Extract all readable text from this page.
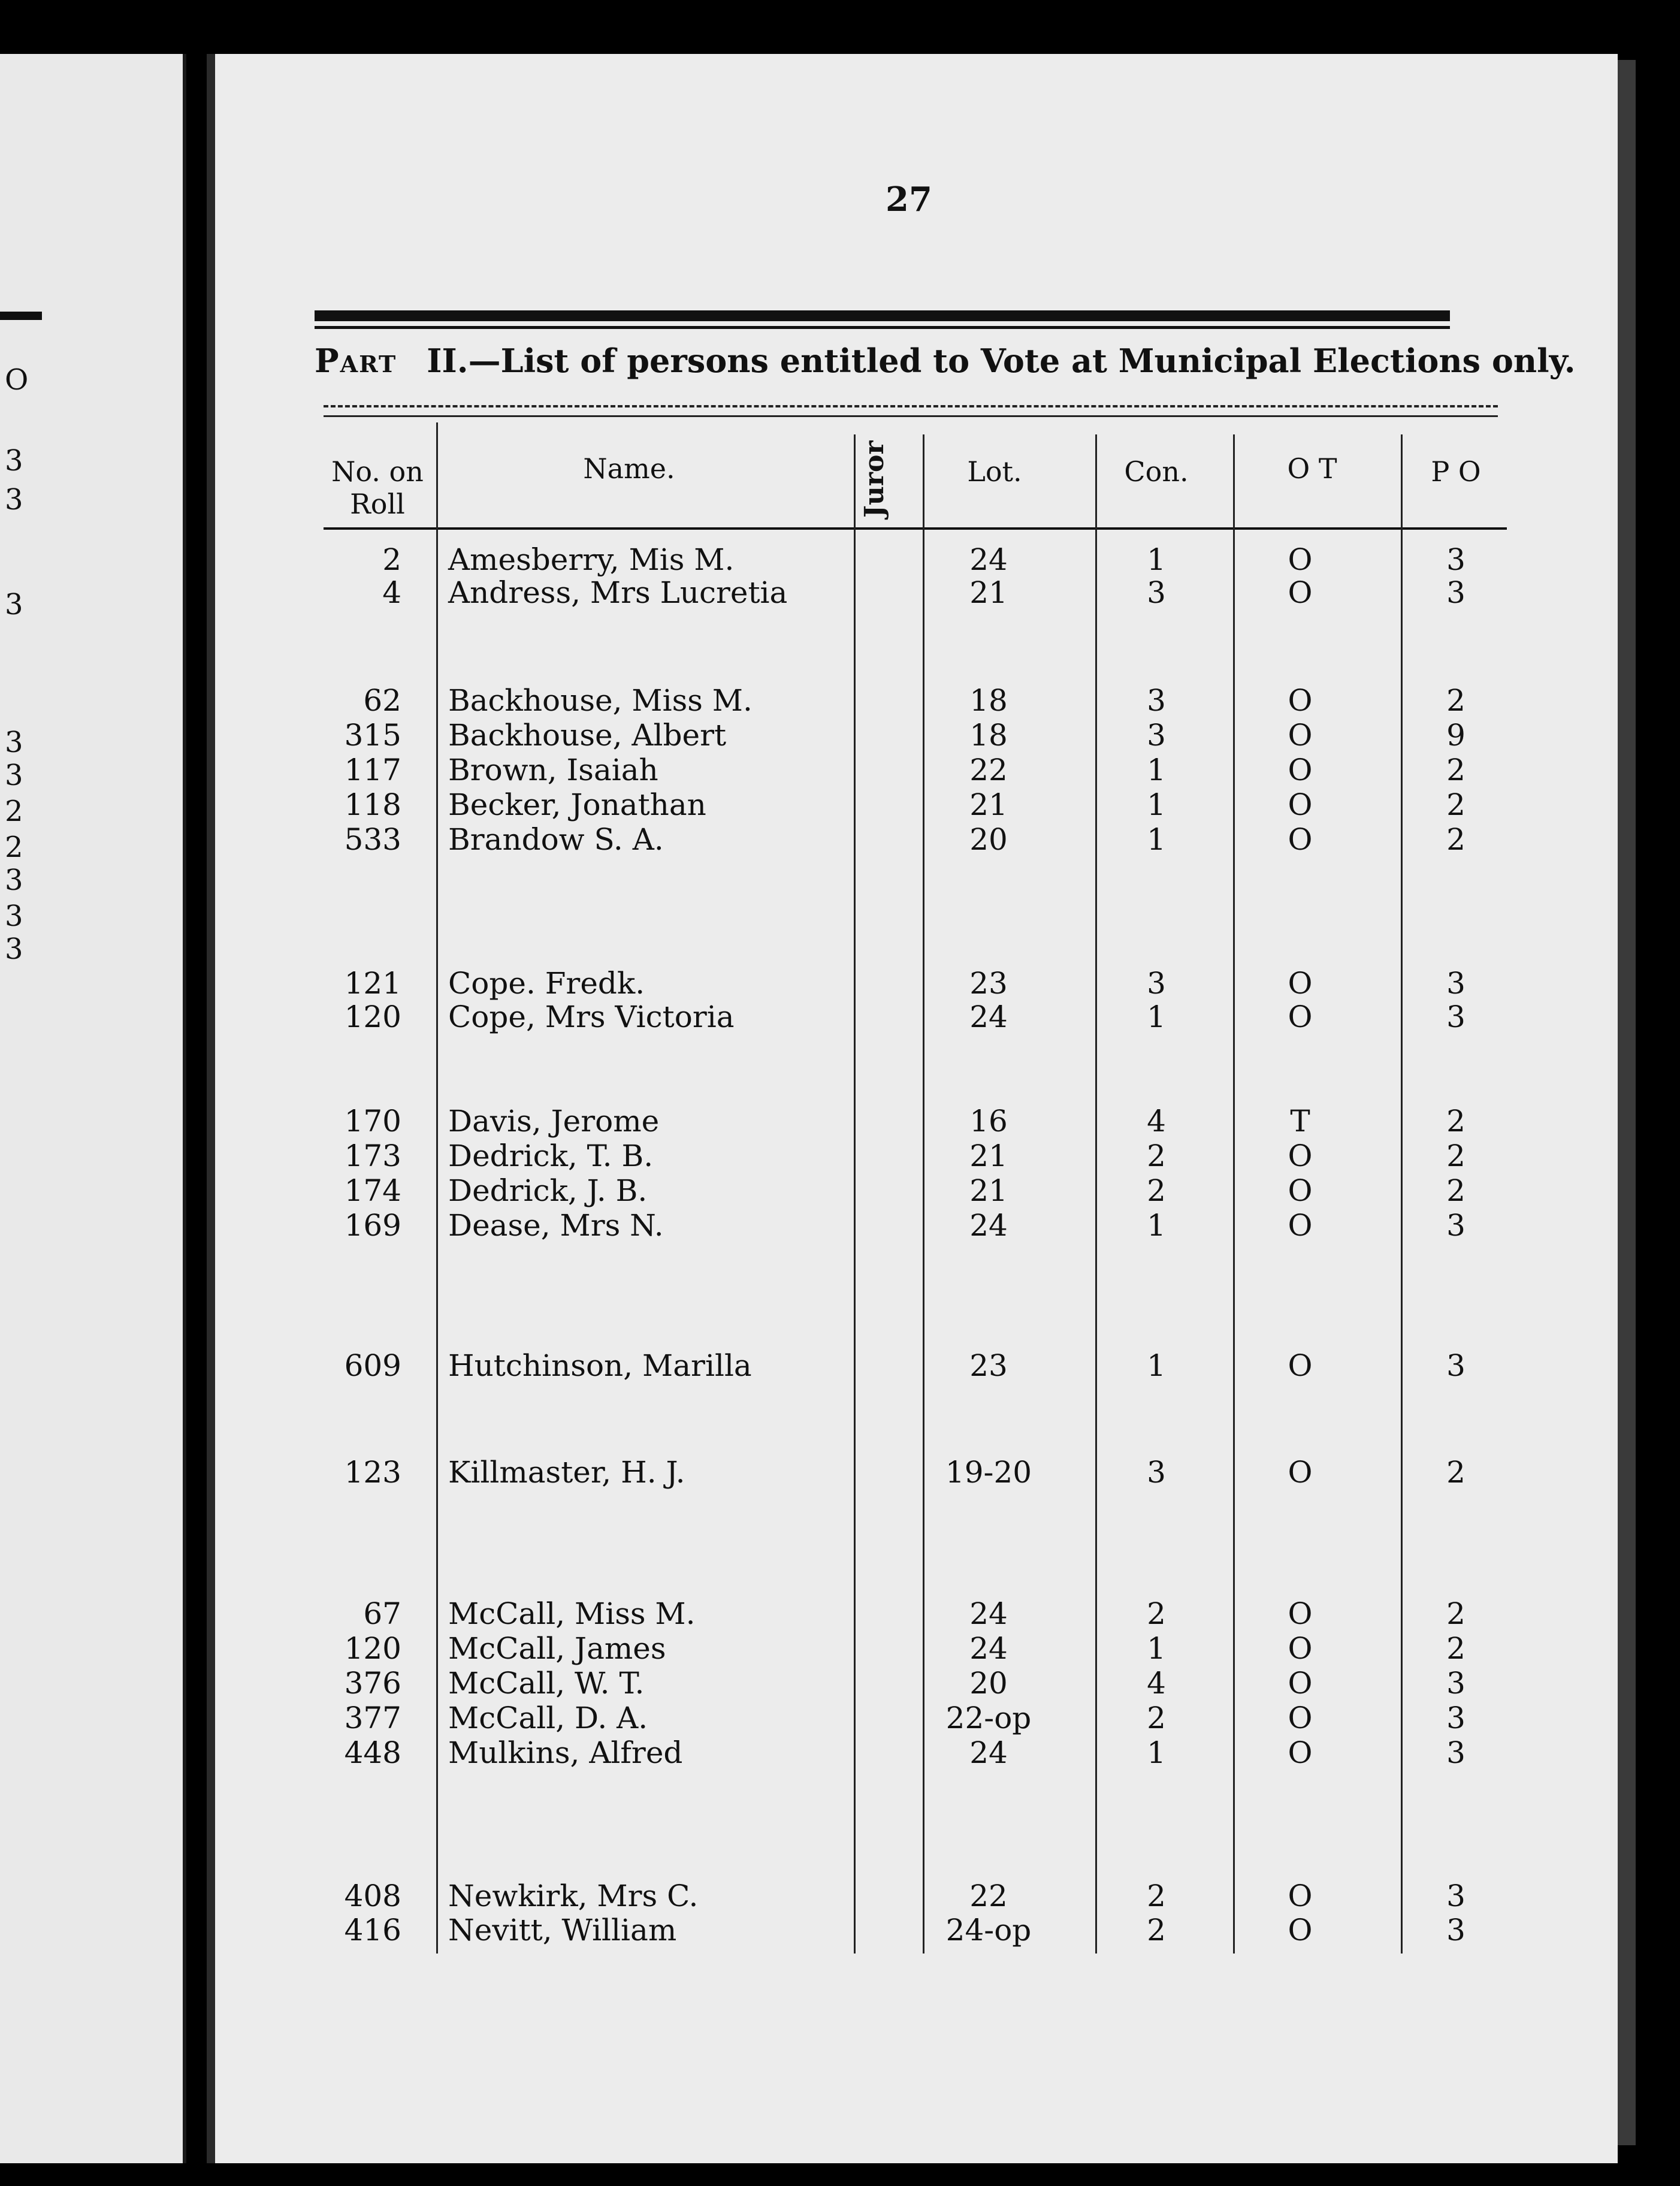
O
3
3
3
3
3
2
2
3
3
3
27
Part II.—List of persons entitled to Vote at Municipal Elections only.
No. on
Roll
Name.	Juror	Lot.	Con.	O T	P O
2 Amesberry, Mis M.	24	1	O	3
4 Andress, Mrs Lucretia	21	3	O	3
62 Backhouse, Miss M.	18	3	O	2
315 Backhouse, Albert	18	3	O	9
117 Brown, Isaiah	22	1	O	2
118 Becker, Jonathan	21	1	O	2
533 Brandow S. A.	20	1	O	2
121 Cope. Fredk.	23	3	O	3
120 Cope, Mrs Victoria	24	1	O	3
170 Davis, Jerome	16	4	T	2
173 Dedrick, T. B.	21	2	O	2
174 Dedrick, J. B.	21	2	O	2
169 Dease, Mrs N.	24	1	O	3
609 Hutchinson, Marilla	23	1	O	3
123 Killmaster, H. J.	19-20	3	O	2
67 McCall, Miss M.	24	2	O	2
120 McCall, James	24	1	O	2
376 McCall, W. T.	20	4	O	3
377 McCall, D. A.	22-op	2	O	3
448 Mulkins, Alfred	24	1	O	3
408 Newkirk, Mrs C.	22	2	O	3
416 Nevitt, William	24-op	2	O	3
